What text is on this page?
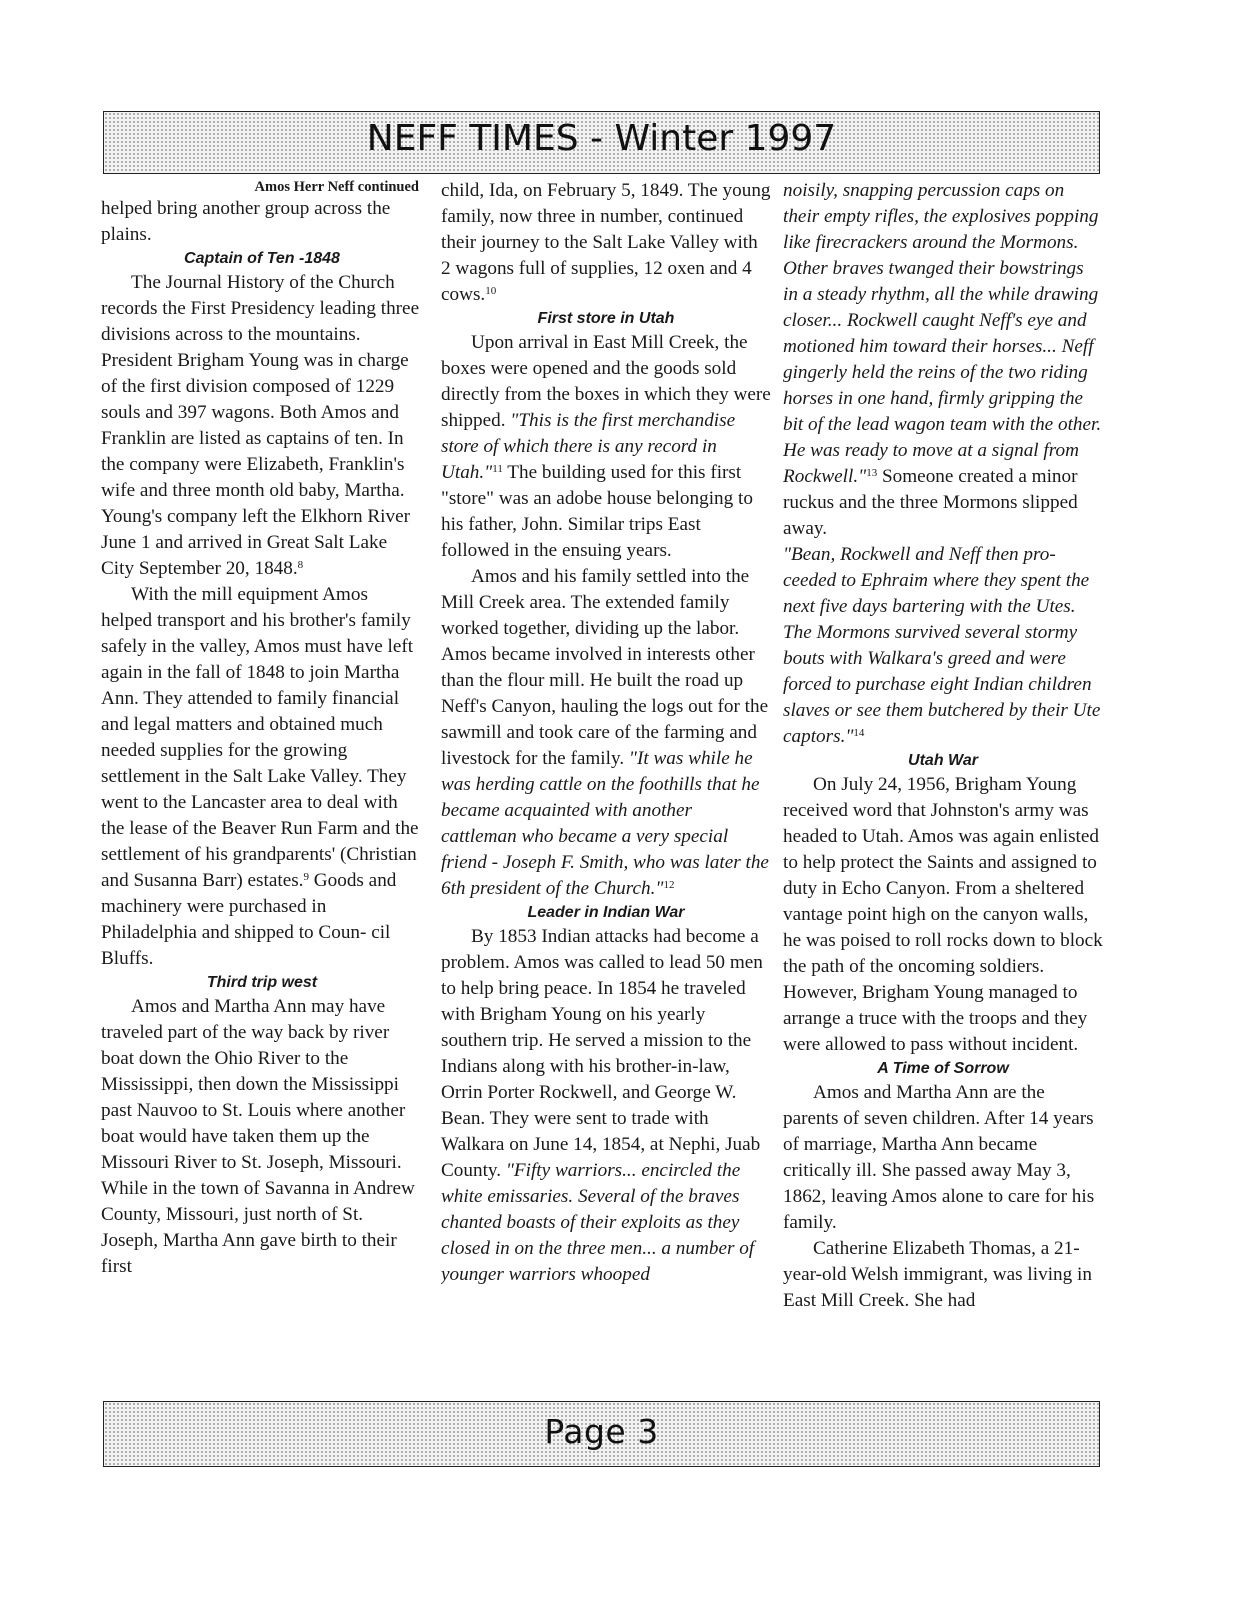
NEFF TIMES - Winter 1997
Amos Herr Neff continued

helped bring another group across the plains.

Captain of Ten -1848

The Journal History of the Church records the First Presidency leading three divisions across to the mountains. President Brigham Young was in charge of the first division composed of 1229 souls and 397 wagons. Both Amos and Franklin are listed as captains of ten. In the company were Elizabeth, Franklin's wife and three month old baby, Martha. Young's company left the Elkhorn River June 1 and arrived in Great Salt Lake City September 20, 1848.$^8$

With the mill equipment Amos helped transport and his brother's family safely in the valley, Amos must have left again in the fall of 1848 to join Martha Ann. They attended to family financial and legal matters and obtained much needed supplies for the growing settlement in the Salt Lake Valley. They went to the Lancaster area to deal with the lease of the Beaver Run Farm and the settlement of his grandparents' (Christian and Susanna Barr) estates.$^9$ Goods and machinery were purchased in Philadelphia and shipped to Coun- cil Bluffs.

Third trip west

Amos and Martha Ann may have traveled part of the way back by river boat down the Ohio River to the Mississippi, then down the Mississippi past Nauvoo to St. Louis where another boat would have taken them up the Missouri River to St. Joseph, Missouri. While in the town of Savanna in Andrew County, Missouri, just north of St. Joseph, Martha Ann gave birth to their first

child, Ida, on February 5, 1849. The young family, now three in number, continued their journey to the Salt Lake Valley with 2 wagons full of supplies, 12 oxen and 4 cows.$^{10}$

First store in Utah

Upon arrival in East Mill Creek, the boxes were opened and the goods sold directly from the boxes in which they were shipped. "This is the first merchandise store of which there is any record in Utah."$^{11}$ The building used for this first "store" was an adobe house belonging to his father, John. Similar trips East followed in the ensuing years.

Amos and his family settled into the Mill Creek area. The extended family worked together, dividing up the labor. Amos became involved in interests other than the flour mill. He built the road up Neff's Canyon, hauling the logs out for the sawmill and took care of the farming and livestock for the family. "It was while he was herding cattle on the foothills that he became acquainted with another cattleman who became a very special friend - Joseph F. Smith, who was later the 6th president of the Church."$^{12}$

Leader in Indian War

By 1853 Indian attacks had become a problem. Amos was called to lead 50 men to help bring peace. In 1854 he traveled with Brigham Young on his yearly southern trip. He served a mission to the Indians along with his brother-in-law, Orrin Porter Rockwell, and George W. Bean. They were sent to trade with Walkara on June 14, 1854, at Nephi, Juab County. "Fifty warriors... encircled the white emissaries. Several of the braves chanted boasts of their exploits as they closed in on the three men... a number of younger warriors whooped

noisily, snapping percussion caps on their empty rifles, the explosives popping like firecrackers around the Mormons. Other braves twanged their bowstrings in a steady rhythm, all the while drawing closer... Rockwell caught Neff's eye and motioned him toward their horses... Neff gingerly held the reins of the two riding horses in one hand, firmly gripping the bit of the lead wagon team with the other. He was ready to move at a signal from Rockwell."$^{13}$ Someone created a minor ruckus and the three Mormons slipped away.

"Bean, Rockwell and Neff then pro- ceeded to Ephraim where they spent the next five days bartering with the Utes. The Mormons survived several stormy bouts with Walkara's greed and were forced to purchase eight Indian children slaves or see them butchered by their Ute captors."$^{14}$

Utah War

On July 24, 1956, Brigham Young received word that Johnston's army was headed to Utah. Amos was again enlisted to help protect the Saints and assigned to duty in Echo Canyon. From a sheltered vantage point high on the canyon walls, he was poised to roll rocks down to block the path of the oncoming soldiers. However, Brigham Young managed to arrange a truce with the troops and they were allowed to pass without incident.

A Time of Sorrow

Amos and Martha Ann are the parents of seven children. After 14 years of marriage, Martha Ann became critically ill. She passed away May 3, 1862, leaving Amos alone to care for his family.

Catherine Elizabeth Thomas, a 21-year-old Welsh immigrant, was living in East Mill Creek. She had

Page 3
